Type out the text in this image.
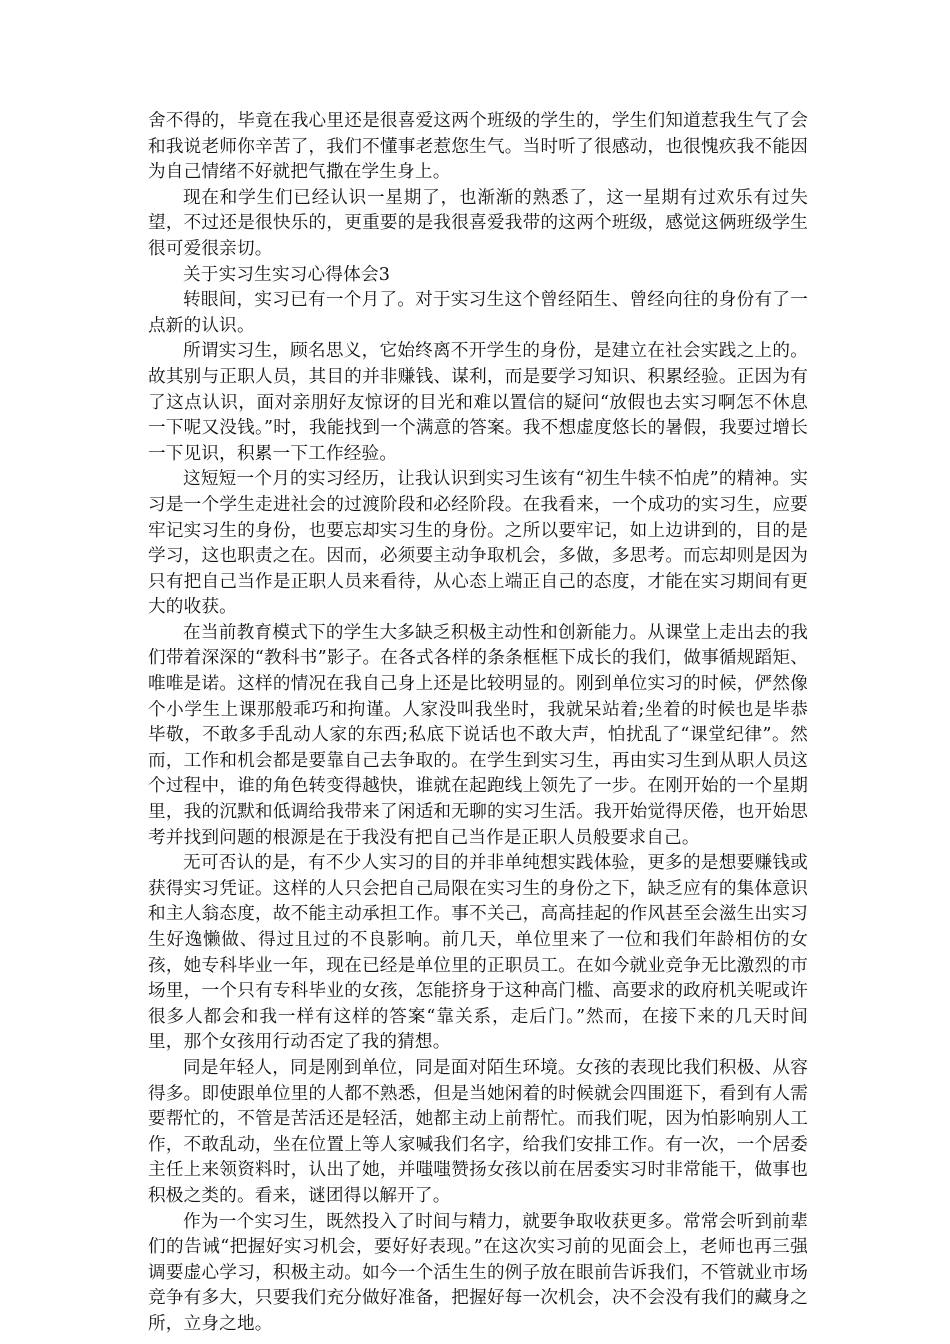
舍不得的，毕竟在我心里还是很喜爱这两个班级的学生的，学生们知道惹我生气了会和我说老师你辛苦了，我们不懂事老惹您生气。当时听了很感动，也很愧疚我不能因为自己情绪不好就把气撒在学生身上。

现在和学生们已经认识一星期了，也渐渐的熟悉了，这一星期有过欢乐有过失望，不过还是很快乐的，更重要的是我很喜爱我带的这两个班级，感觉这俩班级学生很可爱很亲切。

关于实习生实习心得体会3

转眼间，实习已有一个月了。对于实习生这个曾经陌生、曾经向往的身份有了一点新的认识。

所谓实习生，顾名思义，它始终离不开学生的身份，是建立在社会实践之上的。故其别与正职人员，其目的并非赚钱、谋利，而是要学习知识、积累经验。正因为有了这点认识，面对亲朋好友惊讶的目光和难以置信的疑问“放假也去实习啊怎不休息一下呢又没钱。”时，我能找到一个满意的答案。我不想虚度悠长的暑假，我要过增长一下见识，积累一下工作经验。

这短短一个月的实习经历，让我认识到实习生该有“初生牛犊不怕虎”的精神。实习是一个学生走进社会的过渡阶段和必经阶段。在我看来，一个成功的实习生，应要牢记实习生的身份，也要忘却实习生的身份。之所以要牢记，如上边讲到的，目的是学习，这也职责之在。因而，必须要主动争取机会，多做，多思考。而忘却则是因为只有把自己当作是正职人员来看待，从心态上端正自己的态度，才能在实习期间有更大的收获。

在当前教育模式下的学生大多缺乏积极主动性和创新能力。从课堂上走出去的我们带着深深的“教科书”影子。在各式各样的条条框框下成长的我们，做事循规蹈矩、唯唯是诺。这样的情况在我自己身上还是比较明显的。刚到单位实习的时候，俨然像个小学生上课那般乖巧和拘谨。人家没叫我坐时，我就呆站着;坐着的时候也是毕恭毕敬，不敢多手乱动人家的东西;私底下说话也不敢大声，怕扰乱了“课堂纪律”。然而，工作和机会都是要靠自己去争取的。在学生到实习生，再由实习生到从职人员这个过程中，谁的角色转变得越快，谁就在起跑线上领先了一步。在刚开始的一个星期里，我的沉默和低调给我带来了闲适和无聊的实习生活。我开始觉得厌倦，也开始思考并找到问题的根源是在于我没有把自己当作是正职人员般要求自己。

无可否认的是，有不少人实习的目的并非单纯想实践体验，更多的是想要赚钱或获得实习凭证。这样的人只会把自己局限在实习生的身份之下，缺乏应有的集体意识和主人翁态度，故不能主动承担工作。事不关己，高高挂起的作风甚至会滋生出实习生好逸懒做、得过且过的不良影响。前几天，单位里来了一位和我们年龄相仿的女孩，她专科毕业一年，现在已经是单位里的正职员工。在如今就业竞争无比激烈的市场里，一个只有专科毕业的女孩，怎能挤身于这种高门槛、高要求的政府机关呢或许很多人都会和我一样有这样的答案“靠关系，走后门。”然而，在接下来的几天时间里，那个女孩用行动否定了我的猜想。

同是年轻人，同是刚到单位，同是面对陌生环境。女孩的表现比我们积极、从容得多。即使跟单位里的人都不熟悉，但是当她闲着的时候就会四围逛下，看到有人需要帮忙的，不管是苦活还是轻活，她都主动上前帮忙。而我们呢，因为怕影响别人工作，不敢乱动，坐在位置上等人家喊我们名字，给我们安排工作。有一次，一个居委主任上来领资料时，认出了她，并嗤嗤赞扬女孩以前在居委实习时非常能干，做事也积极之类的。看来，谜团得以解开了。

作为一个实习生，既然投入了时间与精力，就要争取收获更多。常常会听到前辈们的告诫“把握好实习机会，要好好表现。”在这次实习前的见面会上，老师也再三强调要虚心学习，积极主动。如今一个活生生的例子放在眼前告诉我们，不管就业市场竞争有多大，只要我们充分做好准备，把握好每一次机会，决不会没有我们的藏身之所，立身之地。
